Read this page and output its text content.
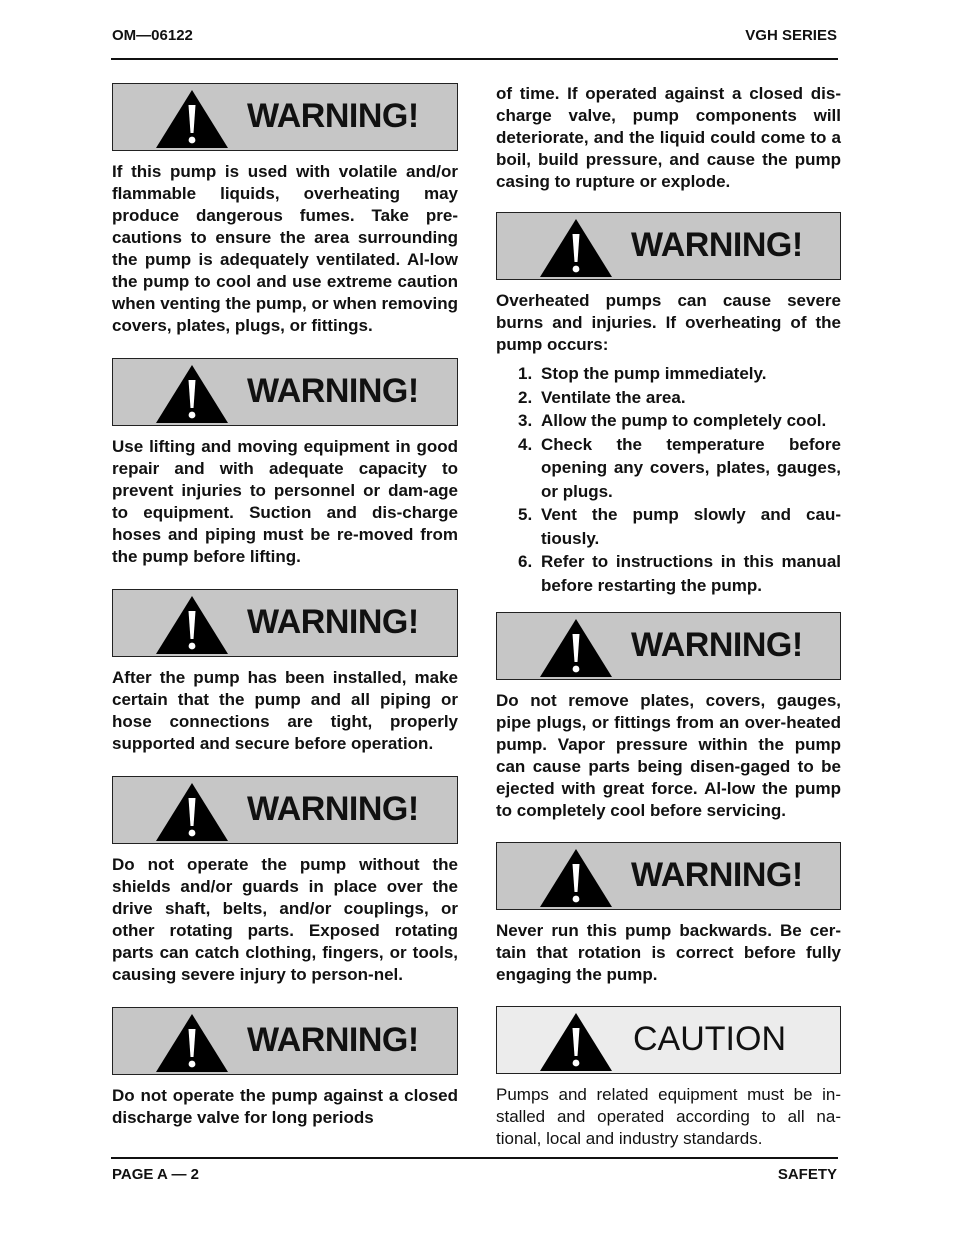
OM—06122	VGH SERIES
WARNING!

If this pump is used with volatile and/or flammable liquids, overheating may produce dangerous fumes. Take pre-cautions to ensure the area surrounding the pump is adequately ventilated. Al-low the pump to cool and use extreme caution when venting the pump, or when removing covers, plates, plugs, or fittings.

WARNING!

Use lifting and moving equipment in good repair and with adequate capacity to prevent injuries to personnel or dam-age to equipment. Suction and dis-charge hoses and piping must be re-moved from the pump before lifting.

WARNING!

After the pump has been installed, make certain that the pump and all piping or hose connections are tight, properly supported and secure before operation.

WARNING!

Do not operate the pump without the shields and/or guards in place over the drive shaft, belts, and/or couplings, or other rotating parts. Exposed rotating parts can catch clothing, fingers, or tools, causing severe injury to person-nel.

WARNING!

Do not operate the pump against a closed discharge valve for long periods

of time. If operated against a closed dis-charge valve, pump components will deteriorate, and the liquid could come to a boil, build pressure, and cause the pump casing to rupture or explode.

WARNING!

Overheated pumps can cause severe burns and injuries. If overheating of the pump occurs:

1. Stop the pump immediately.
2. Ventilate the area.
3. Allow the pump to completely cool.
4. Check the temperature before opening any covers, plates, gauges, or plugs.
5. Vent the pump slowly and cau-tiously.
6. Refer to instructions in this manual before restarting the pump.
WARNING!

Do not remove plates, covers, gauges, pipe plugs, or fittings from an over-heated pump. Vapor pressure within the pump can cause parts being disen-gaged to be ejected with great force. Al-low the pump to completely cool before servicing.

WARNING!

Never run this pump backwards. Be cer-tain that rotation is correct before fully engaging the pump.

CAUTION

Pumps and related equipment must be in-stalled and operated according to all na-tional, local and industry standards.

PAGE A — 2	SAFETY
